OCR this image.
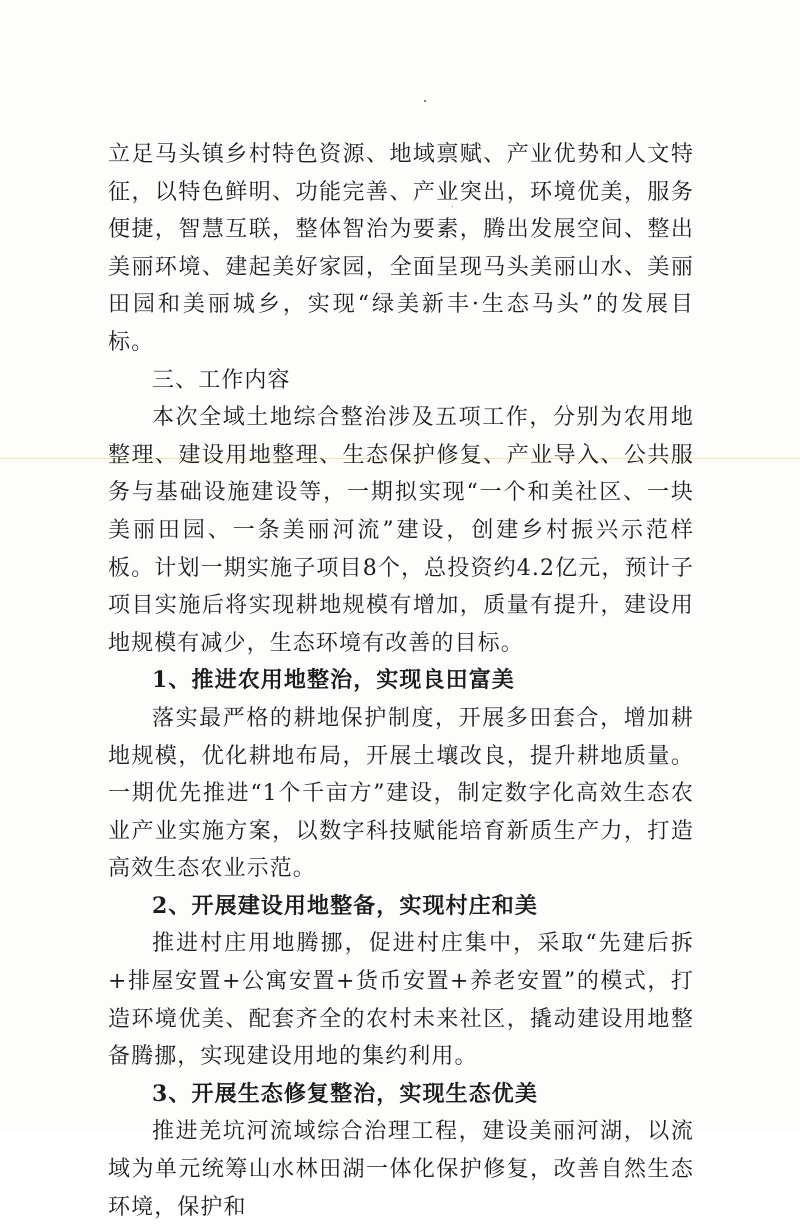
立足马头镇乡村特色资源、地域禀赋、产业优势和人文特征，以特色鲜明、功能完善、产业突出，环境优美，服务便捷，智慧互联，整体智治为要素，腾出发展空间、整出美丽环境、建起美好家园，全面呈现马头美丽山水、美丽田园和美丽城乡，实现“绿美新丰·生态马头”的发展目标。

三、工作内容

本次全域土地综合整治涉及五项工作，分别为农用地整理、建设用地整理、生态保护修复、产业导入、公共服务与基础设施建设等，一期拟实现“一个和美社区、一块美丽田园、一条美丽河流”建设，创建乡村振兴示范样板。计划一期实施子项目8个，总投资约4.2亿元，预计子项目实施后将实现耕地规模有增加，质量有提升，建设用地规模有减少，生态环境有改善的目标。

1、推进农用地整治，实现良田富美

落实最严格的耕地保护制度，开展多田套合，增加耕地规模，优化耕地布局，开展土壤改良，提升耕地质量。一期优先推进“1个千亩方”建设，制定数字化高效生态农业产业实施方案，以数字科技赋能培育新质生产力，打造高效生态农业示范。

2、开展建设用地整备，实现村庄和美

推进村庄用地腾挪，促进村庄集中，采取“先建后拆+排屋安置+公寓安置+货币安置+养老安置”的模式，打造环境优美、配套齐全的农村未来社区，撬动建设用地整备腾挪，实现建设用地的集约利用。

3、开展生态修复整治，实现生态优美

推进羌坑河流域综合治理工程，建设美丽河湖，以流域为单元统筹山水林田湖一体化保护修复，改善自然生态环境，保护和
